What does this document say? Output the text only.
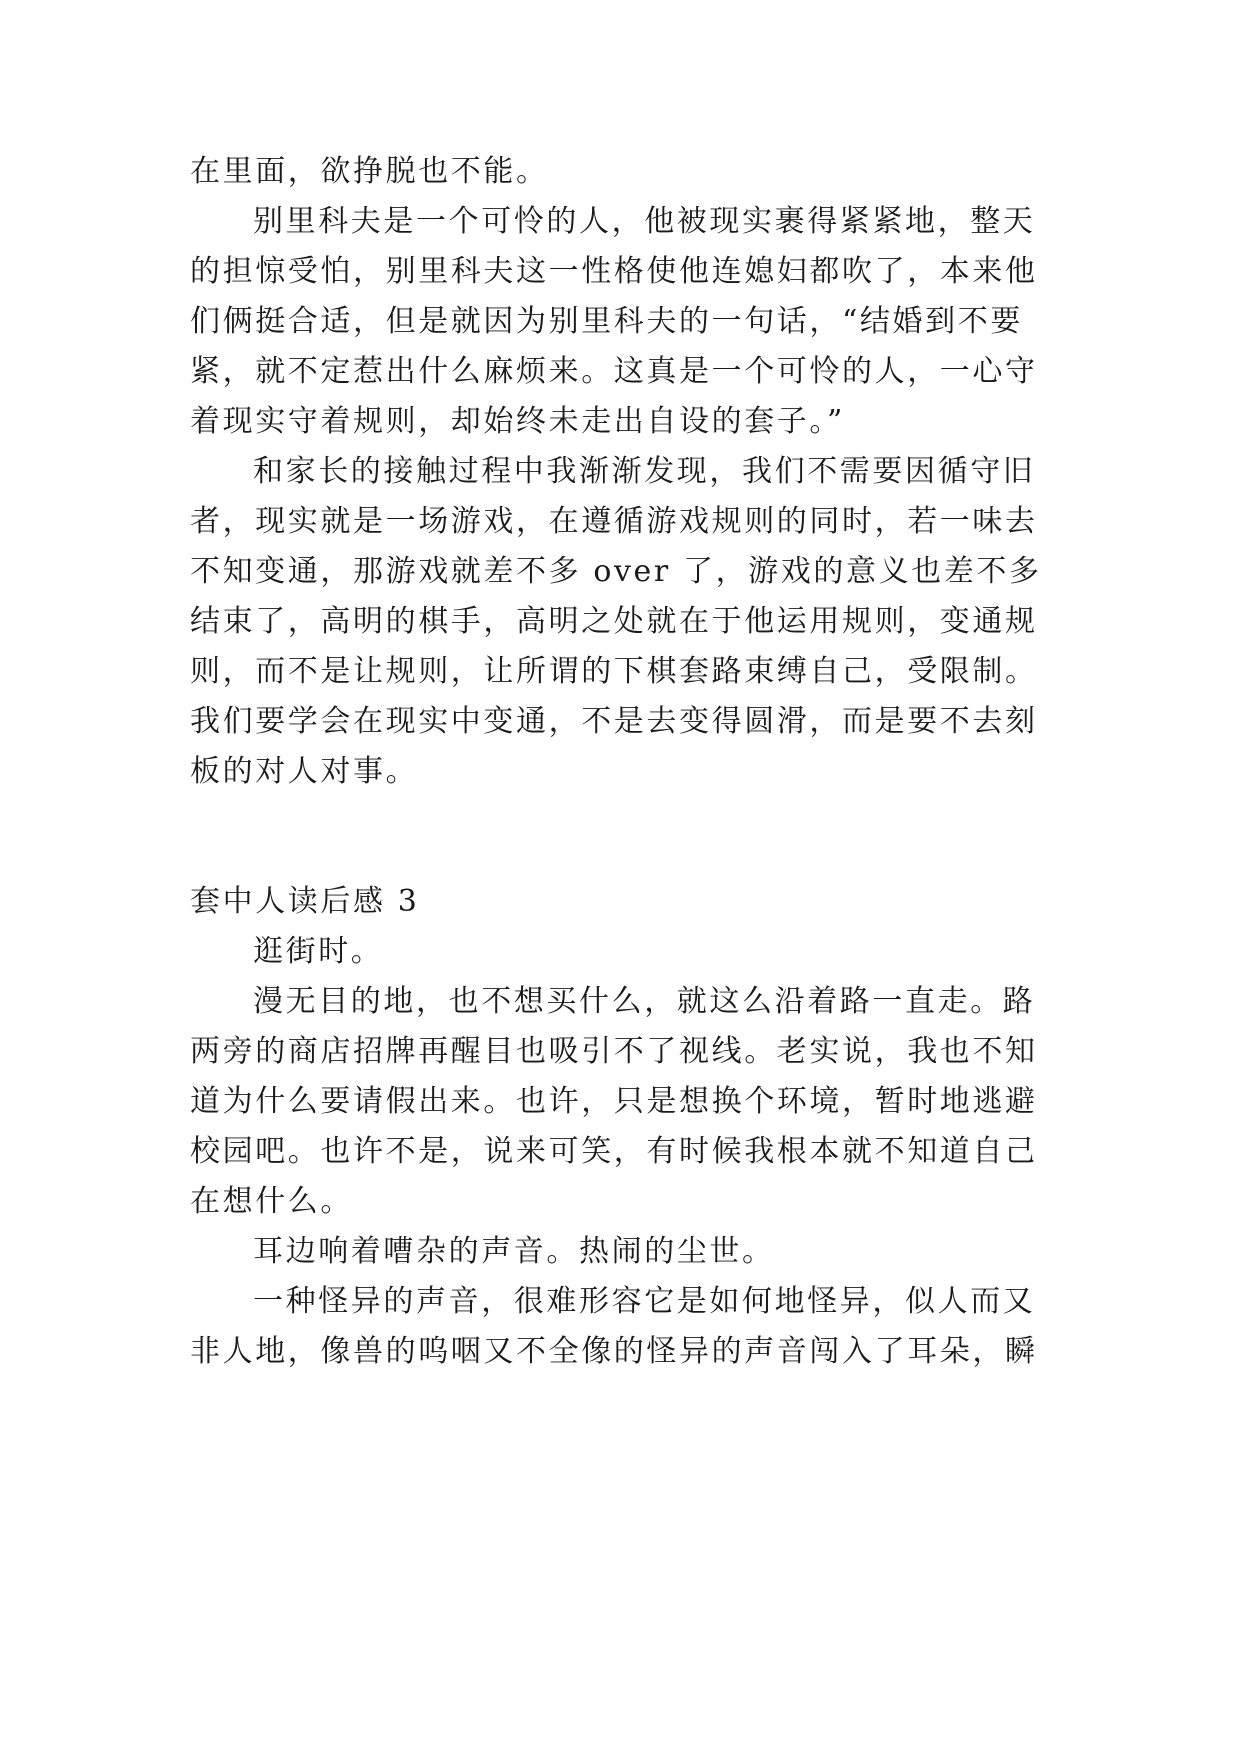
在里面，欲挣脱也不能。
别里科夫是一个可怜的人，他被现实裹得紧紧地，整天
的担惊受怕，别里科夫这一性格使他连媳妇都吹了，本来他
们俩挺合适，但是就因为别里科夫的一句话，“结婚到不要
紧，就不定惹出什么麻烦来。这真是一个可怜的人，一心守
着现实守着规则，却始终未走出自设的套子。”
和家长的接触过程中我渐渐发现，我们不需要因循守旧
者，现实就是一场游戏，在遵循游戏规则的同时，若一味去
不知变通，那游戏就差不多 over 了，游戏的意义也差不多
结束了，高明的棋手，高明之处就在于他运用规则，变通规
则，而不是让规则，让所谓的下棋套路束缚自己，受限制。
我们要学会在现实中变通，不是去变得圆滑，而是要不去刻
板的对人对事。
套中人读后感 3
逛街时。
漫无目的地，也不想买什么，就这么沿着路一直走。路
两旁的商店招牌再醒目也吸引不了视线。老实说，我也不知
道为什么要请假出来。也许，只是想换个环境，暂时地逃避
校园吧。也许不是，说来可笑，有时候我根本就不知道自己
在想什么。
耳边响着嘈杂的声音。热闹的尘世。
一种怪异的声音，很难形容它是如何地怪异，似人而又
非人地，像兽的呜咽又不全像的怪异的声音闯入了耳朵，瞬
